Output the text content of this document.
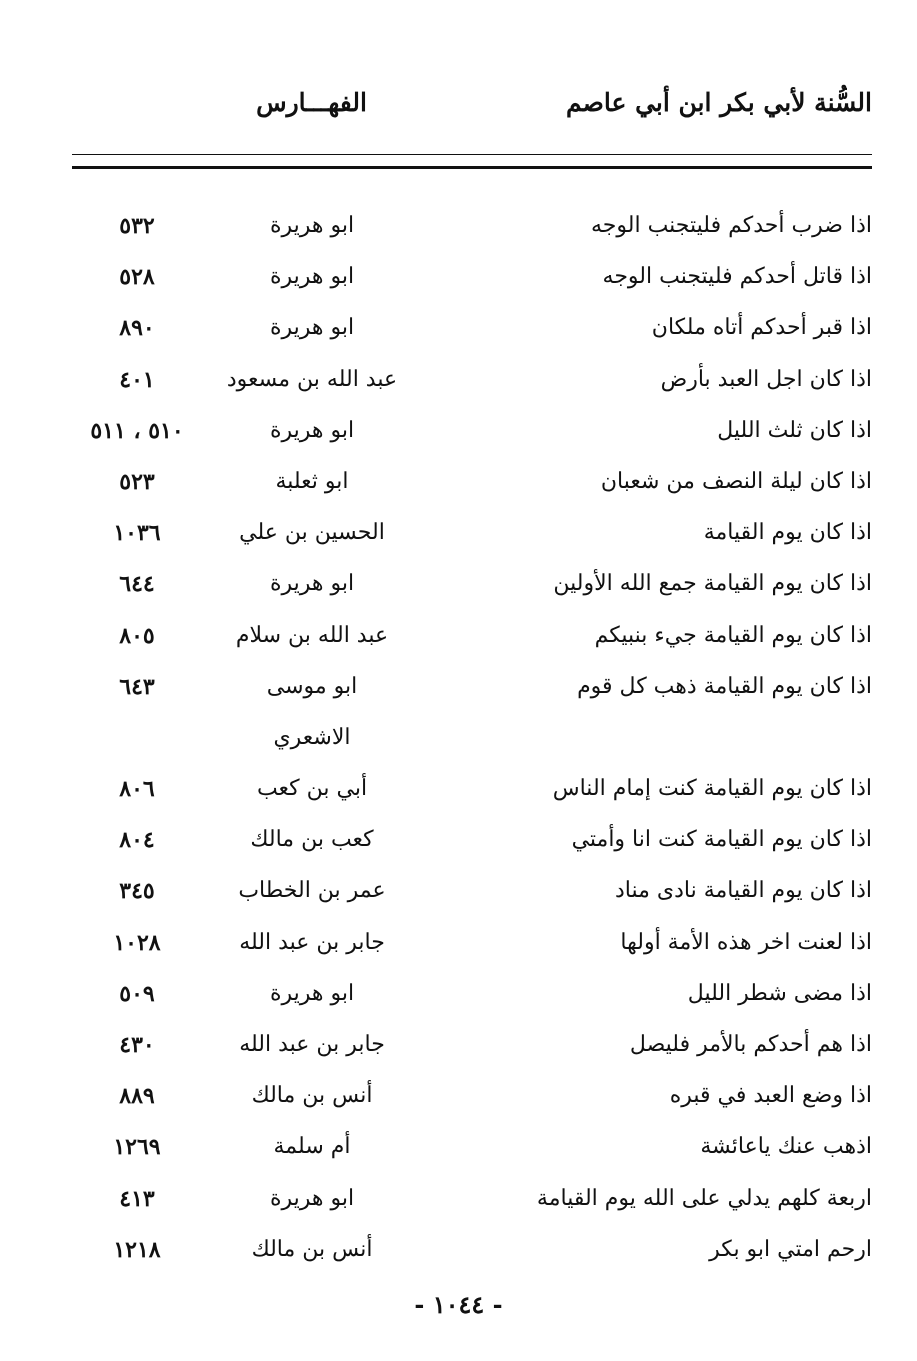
السُّنة لأبي بكر ابن أبي عاصم
الفهـــارس
اذا ضرب أحدكم فليتجنب الوجه
ابو هريرة
٥٣٢
اذا قاتل أحدكم فليتجنب الوجه
ابو هريرة
٥٢٨
اذا قبر أحدكم أتاه ملكان
ابو هريرة
٨٩٠
اذا كان اجل العبد بأرض
عبد الله بن مسعود
٤٠١
اذا كان ثلث الليل
ابو هريرة
٥١٠ ، ٥١١
اذا كان ليلة النصف من شعبان
ابو ثعلبة
٥٢٣
اذا كان يوم القيامة
الحسين بن علي
١٠٣٦
اذا كان يوم القيامة جمع الله الأولين
ابو هريرة
٦٤٤
اذا كان يوم القيامة جيء بنبيكم
عبد الله بن سلام
٨٠٥
اذا كان يوم القيامة ذهب كل قوم
ابو موسى
٦٤٣
الاشعري
اذا كان يوم القيامة كنت إمام الناس
أبي بن كعب
٨٠٦
اذا كان يوم القيامة كنت انا وأمتي
كعب بن مالك
٨٠٤
اذا كان يوم القيامة نادى مناد
عمر بن الخطاب
٣٤٥
اذا لعنت اخر هذه الأمة أولها
جابر بن عبد الله
١٠٢٨
اذا مضى شطر الليل
ابو هريرة
٥٠٩
اذا هم أحدكم بالأمر فليصل
جابر بن عبد الله
٤٣٠
اذا وضع العبد في قبره
أنس بن مالك
٨٨٩
اذهب عنك ياعائشة
أم سلمة
١٢٦٩
اربعة كلهم يدلي على الله يوم القيامة
ابو هريرة
٤١٣
ارحم امتي ابو بكر
أنس بن مالك
١٢١٨
- ١٠٤٤ -
